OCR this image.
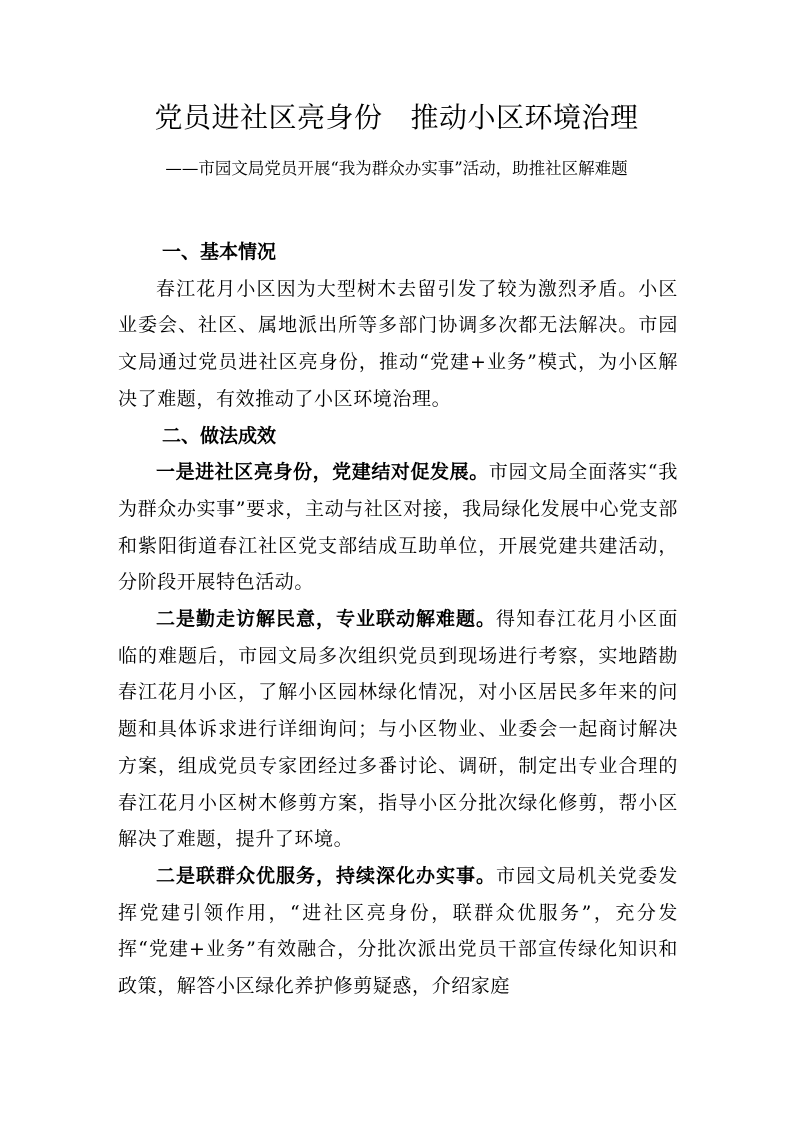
党员进社区亮身份 推动小区环境治理
——市园文局党员开展“我为群众办实事”活动，助推社区解难题

一、基本情况

春江花月小区因为大型树木去留引发了较为激烈矛盾。小区业委会、社区、属地派出所等多部门协调多次都无法解决。市园文局通过党员进社区亮身份，推动“党建+业务”模式，为小区解决了难题，有效推动了小区环境治理。

二、做法成效

一是进社区亮身份，党建结对促发展。市园文局全面落实“我为群众办实事”要求，主动与社区对接，我局绿化发展中心党支部和紫阳街道春江社区党支部结成互助单位，开展党建共建活动，分阶段开展特色活动。

二是勤走访解民意，专业联动解难题。得知春江花月小区面临的难题后，市园文局多次组织党员到现场进行考察，实地踏勘春江花月小区，了解小区园林绿化情况，对小区居民多年来的问题和具体诉求进行详细询问；与小区物业、业委会一起商讨解决方案，组成党员专家团经过多番讨论、调研，制定出专业合理的春江花月小区树木修剪方案，指导小区分批次绿化修剪，帮小区解决了难题，提升了环境。

二是联群众优服务，持续深化办实事。市园文局机关党委发挥党建引领作用，“进社区亮身份，联群众优服务”，充分发挥“党建+业务”有效融合，分批次派出党员干部宣传绿化知识和政策，解答小区绿化养护修剪疑惑，介绍家庭
